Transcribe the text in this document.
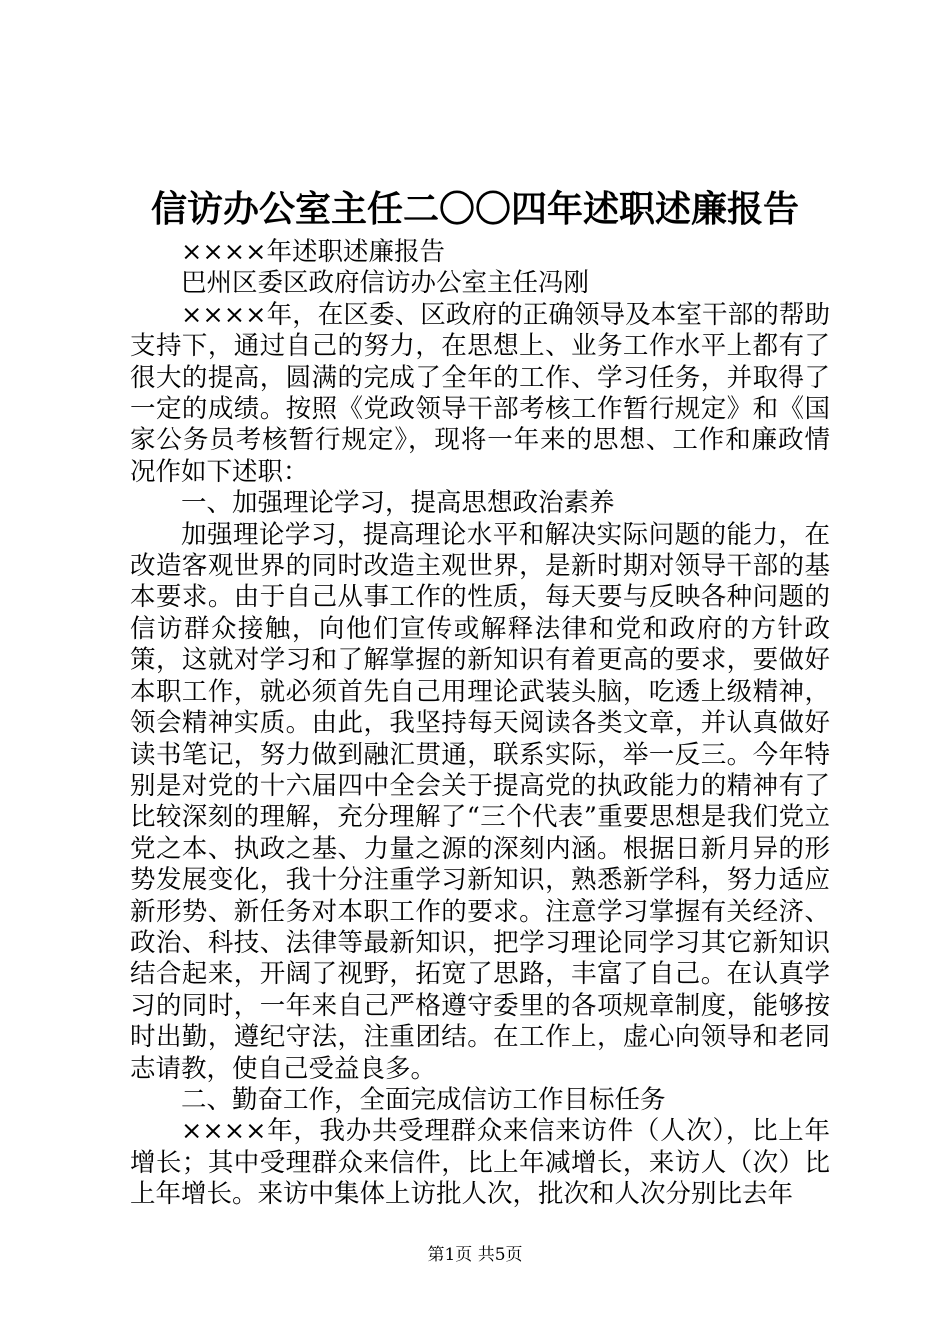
信访办公室主任二〇〇四年述职述廉报告

××××年述职述廉报告

巴州区委区政府信访办公室主任冯刚

××××年，在区委、区政府的正确领导及本室干部的帮助支持下，通过自己的努力，在思想上、业务工作水平上都有了很大的提高，圆满的完成了全年的工作、学习任务，并取得了一定的成绩。按照《党政领导干部考核工作暂行规定》和《国家公务员考核暂行规定》，现将一年来的思想、工作和廉政情况作如下述职：

一、加强理论学习，提高思想政治素养

加强理论学习，提高理论水平和解决实际问题的能力，在改造客观世界的同时改造主观世界，是新时期对领导干部的基本要求。由于自己从事工作的性质，每天要与反映各种问题的信访群众接触，向他们宣传或解释法律和党和政府的方针政策，这就对学习和了解掌握的新知识有着更高的要求，要做好本职工作，就必须首先自己用理论武装头脑，吃透上级精神，领会精神实质。由此，我坚持每天阅读各类文章，并认真做好读书笔记，努力做到融汇贯通，联系实际，举一反三。今年特别是对党的十六届四中全会关于提高党的执政能力的精神有了比较深刻的理解，充分理解了“三个代表”重要思想是我们党立党之本、执政之基、力量之源的深刻内涵。根据日新月异的形势发展变化，我十分注重学习新知识，熟悉新学科，努力适应新形势、新任务对本职工作的要求。注意学习掌握有关经济、政治、科技、法律等最新知识，把学习理论同学习其它新知识结合起来，开阔了视野，拓宽了思路，丰富了自己。在认真学习的同时，一年来自己严格遵守委里的各项规章制度，能够按时出勤，遵纪守法，注重团结。在工作上，虚心向领导和老同志请教，使自己受益良多。

二、勤奋工作，全面完成信访工作目标任务

××××年，我办共受理群众来信来访件（人次），比上年增长；其中受理群众来信件，比上年减增长，来访人（次）比上年增长。来访中集体上访批人次，批次和人次分别比去年

第1页 共5页
